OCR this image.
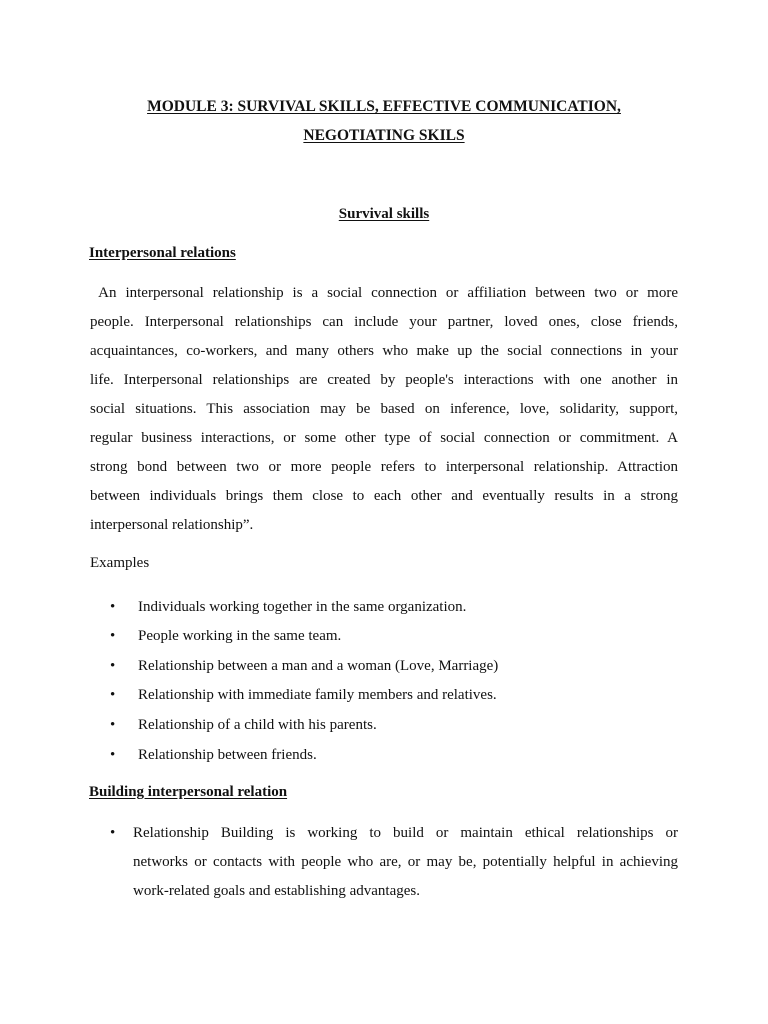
MODULE 3: SURVIVAL SKILLS, EFFECTIVE COMMUNICATION,
NEGOTIATING SKILS
Survival skills
Interpersonal relations
An interpersonal relationship is a social connection or affiliation between two or more
people. Interpersonal relationships can include your partner, loved ones, close friends,
acquaintances, co-workers, and many others who make up the social connections in your
life. Interpersonal relationships are created by people's interactions with one another in
social situations. This association may be based on inference, love, solidarity, support,
regular business interactions, or some other type of social connection or commitment. A
strong bond between two or more people refers to interpersonal relationship. Attraction
between individuals brings them close to each other and eventually results in a strong
interpersonal relationship”.
Examples
•	Individuals working together in the same organization.
•	People working in the same team.
•	Relationship between a man and a woman (Love, Marriage)
•	Relationship with immediate family members and relatives.
•	Relationship of a child with his parents.
•	Relationship between friends.
Building interpersonal relation
• Relationship Building is working to build or maintain ethical relationships or
networks or contacts with people who are, or may be, potentially helpful in achieving
work-related goals and establishing advantages.
